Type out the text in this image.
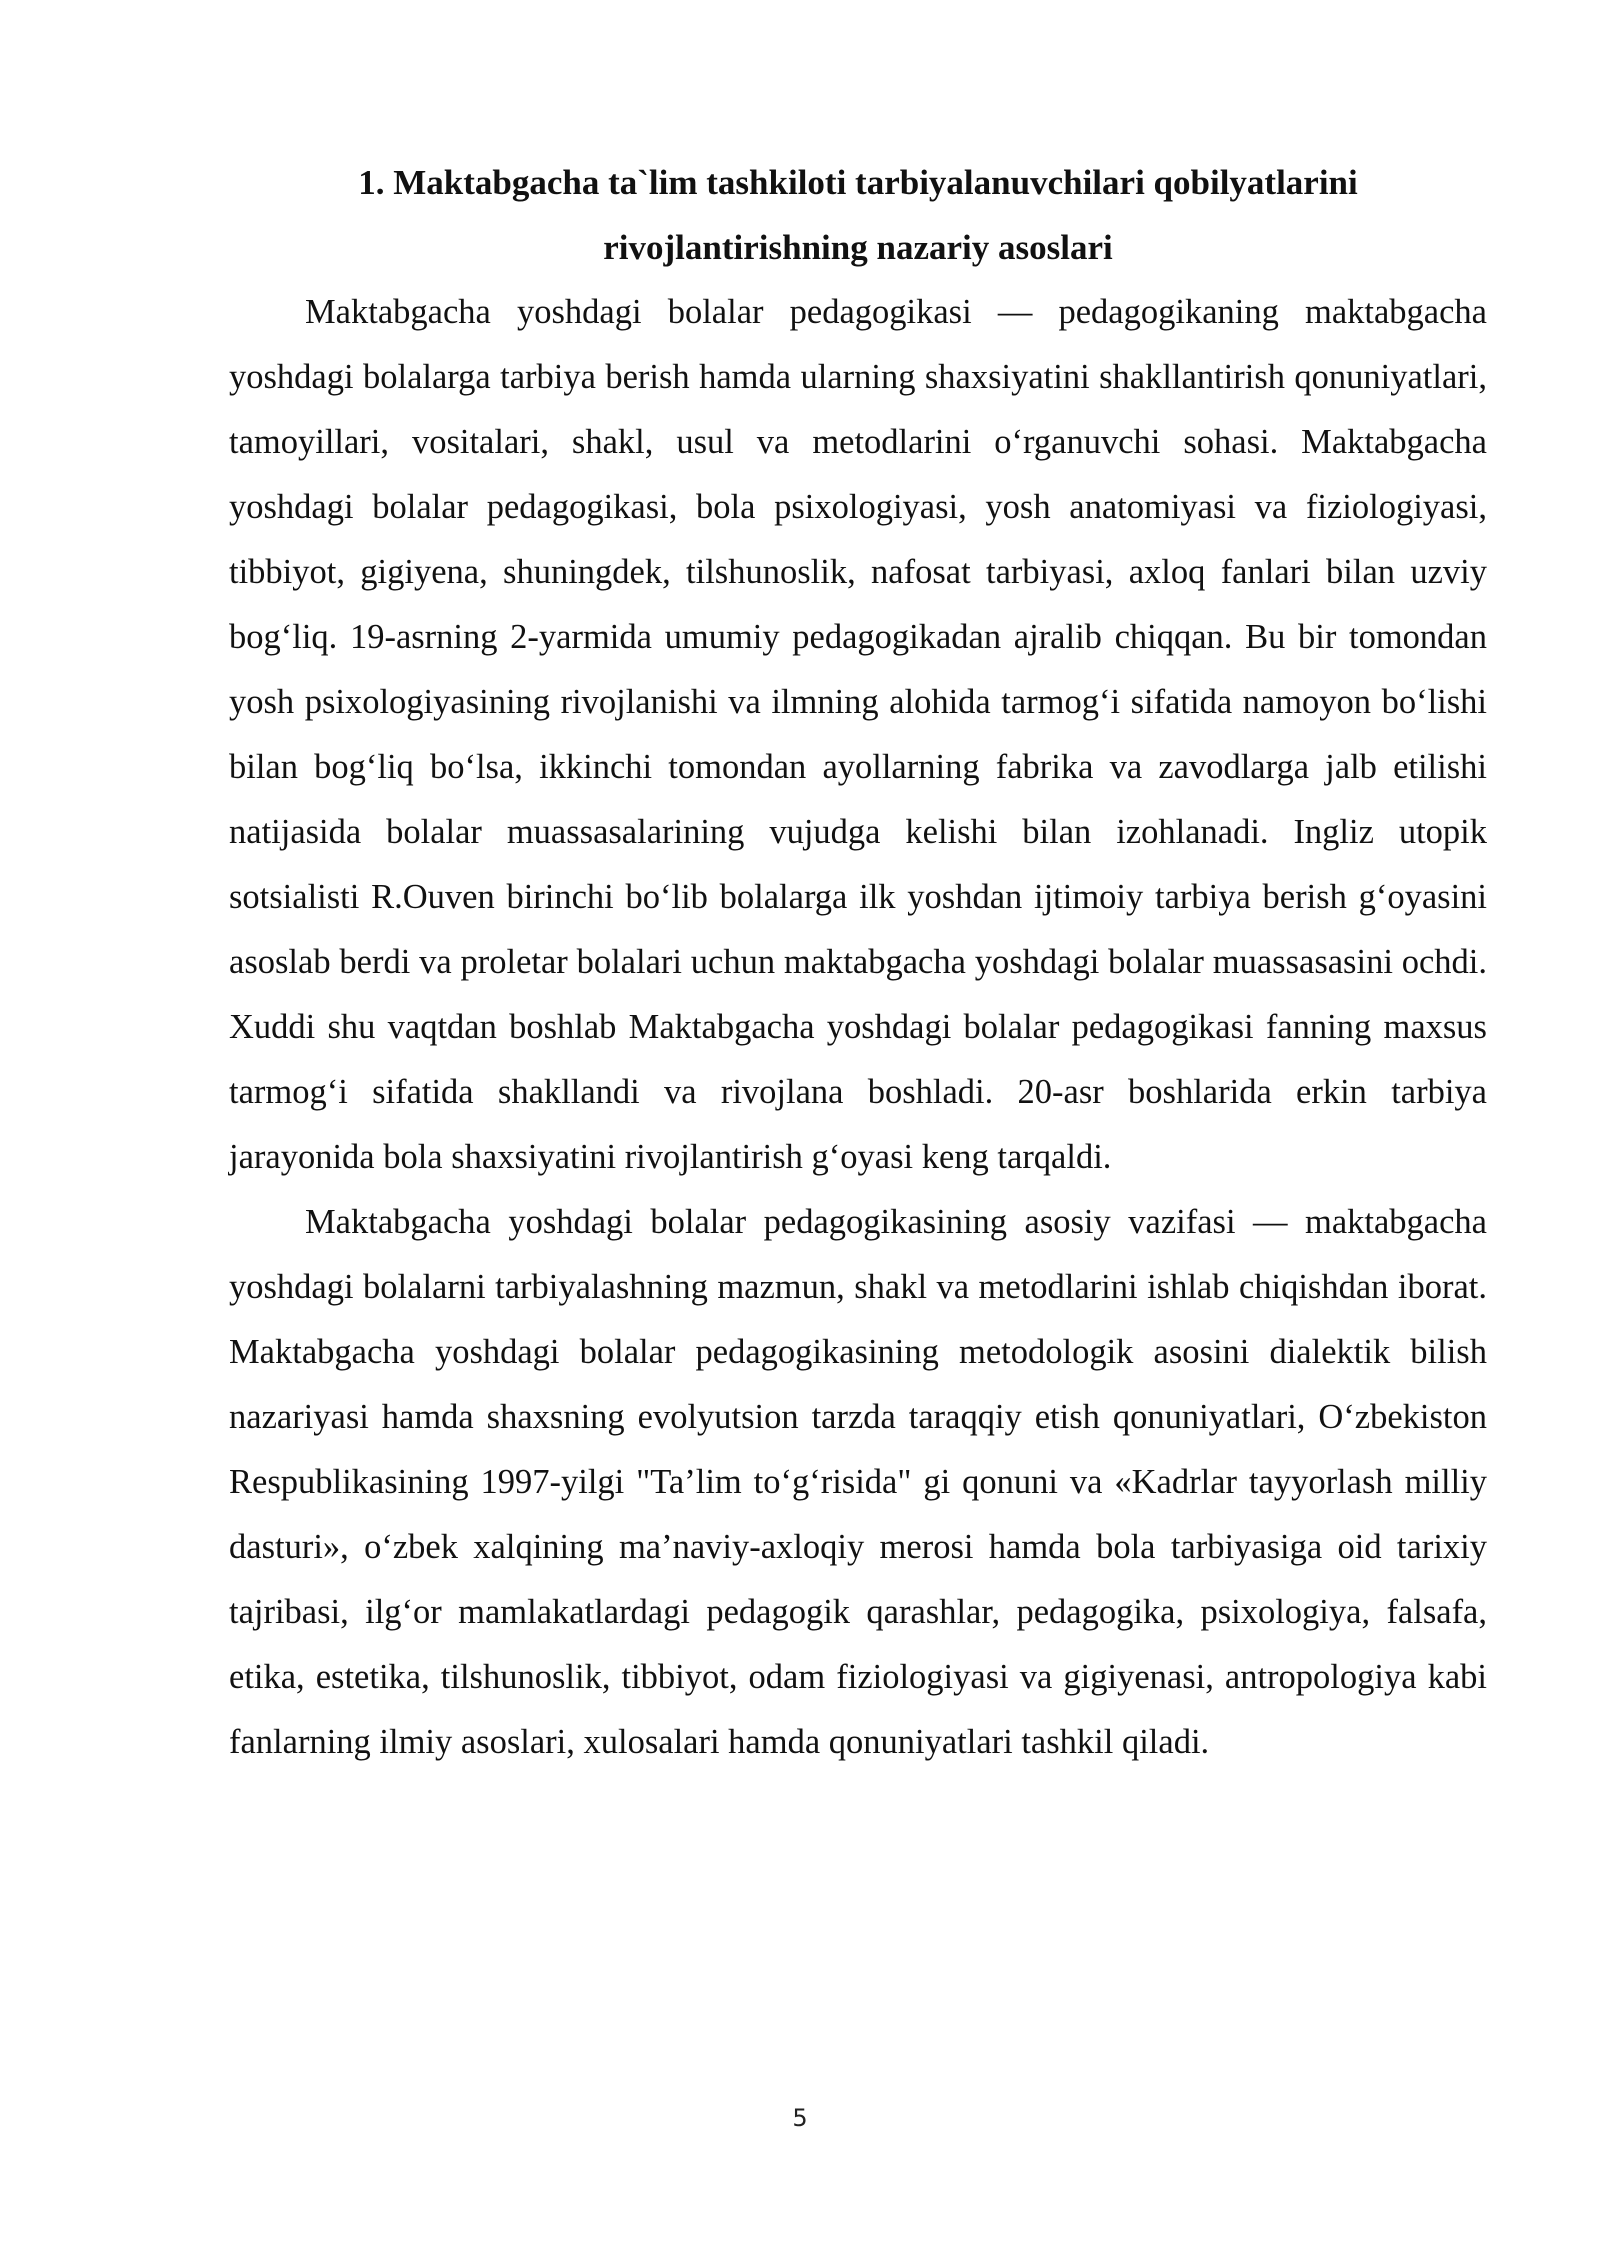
1. Maktabgacha ta`lim tashkiloti tarbiyalanuvchilari qobilyatlarini
rivojlantirishning nazariy asoslari

Maktabgacha yoshdagi bolalar pedagogikasi — pedagogikaning maktabgacha yoshdagi bolalarga tarbiya berish hamda ularning shaxsiyatini shakllantirish qonuniyatlari, tamoyillari, vositalari, shakl, usul va metodlarini o‘rganuvchi sohasi. Maktabgacha yoshdagi bolalar pedagogikasi, bola psixologiyasi, yosh anatomiyasi va fiziologiyasi, tibbiyot, gigiyena, shuningdek, tilshunoslik, nafosat tarbiyasi, axloq fanlari bilan uzviy bog‘liq. 19-asrning 2-yarmida umumiy pedagogikadan ajralib chiqqan. Bu bir tomondan yosh psixologiyasining rivojlanishi va ilmning alohida tarmog‘i sifatida namoyon bo‘lishi bilan bog‘liq bo‘lsa, ikkinchi tomondan ayollarning fabrika va zavodlarga jalb etilishi natijasida bolalar muassasalarining vujudga kelishi bilan izohlanadi. Ingliz utopik sotsialisti R.Ouven birinchi bo‘lib bolalarga ilk yoshdan ijtimoiy tarbiya berish g‘oyasini asoslab berdi va proletar bolalari uchun maktabgacha yoshdagi bolalar muassasasini ochdi. Xuddi shu vaqtdan boshlab Maktabgacha yoshdagi bolalar pedagogikasi fanning maxsus tarmog‘i sifatida shakllandi va rivojlana boshladi. 20-asr boshlarida erkin tarbiya jarayonida bola shaxsiyatini rivojlantirish g‘oyasi keng tarqaldi.

Maktabgacha yoshdagi bolalar pedagogikasining asosiy vazifasi — maktabgacha yoshdagi bolalarni tarbiyalashning mazmun, shakl va metodlarini ishlab chiqishdan iborat. Maktabgacha yoshdagi bolalar pedagogikasining metodologik asosini dialektik bilish nazariyasi hamda shaxsning evolyutsion tarzda taraqqiy etish qonuniyatlari, O‘zbekiston Respublikasining 1997-yilgi "Ta’lim to‘g‘risida" gi qonuni va «Kadrlar tayyorlash milliy dasturi», o‘zbek xalqining ma’naviy-axloqiy merosi hamda bola tarbiyasiga oid tarixiy tajribasi, ilg‘or mamlakatlardagi pedagogik qarashlar, pedagogika, psixologiya, falsafa, etika, estetika, tilshunoslik, tibbiyot, odam fiziologiyasi va gigiyenasi, antropologiya kabi fanlarning ilmiy asoslari, xulosalari hamda qonuniyatlari tashkil qiladi.

5
